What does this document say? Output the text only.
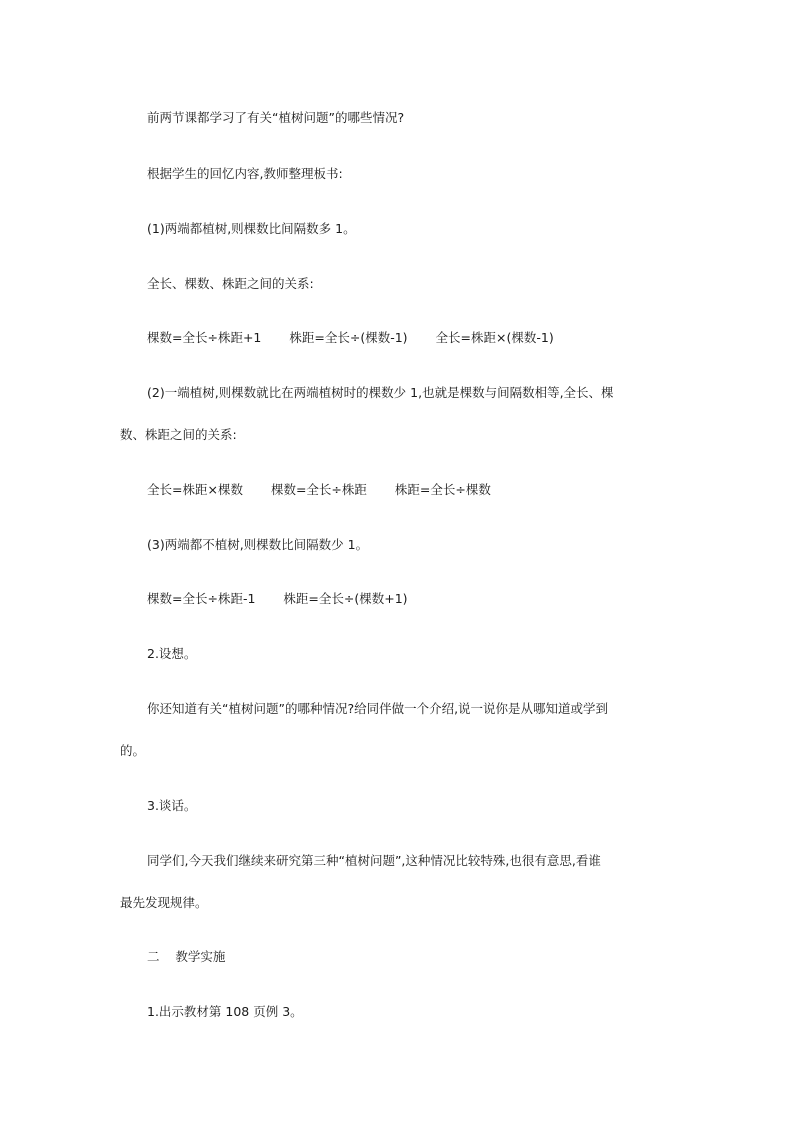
前两节课都学习了有关“植树问题”的哪些情况?

根据学生的回忆内容,教师整理板书:

(1)两端都植树,则棵数比间隔数多 1。

全长、棵数、株距之间的关系:

棵数=全长÷株距+1 株距=全长÷(棵数-1) 全长=株距×(棵数-1)

(2)一端植树,则棵数就比在两端植树时的棵数少 1,也就是棵数与间隔数相等,全长、棵

数、株距之间的关系:

全长=株距×棵数 棵数=全长÷株距 株距=全长÷棵数

(3)两端都不植树,则棵数比间隔数少 1。

棵数=全长÷株距-1 株距=全长÷(棵数+1)

2.设想。

你还知道有关“植树问题”的哪种情况?给同伴做一个介绍,说一说你是从哪知道或学到

的。

3.谈话。

同学们,今天我们继续来研究第三种“植树问题”,这种情况比较特殊,也很有意思,看谁

最先发现规律。

二    教学实施

1.出示教材第 108 页例 3。
